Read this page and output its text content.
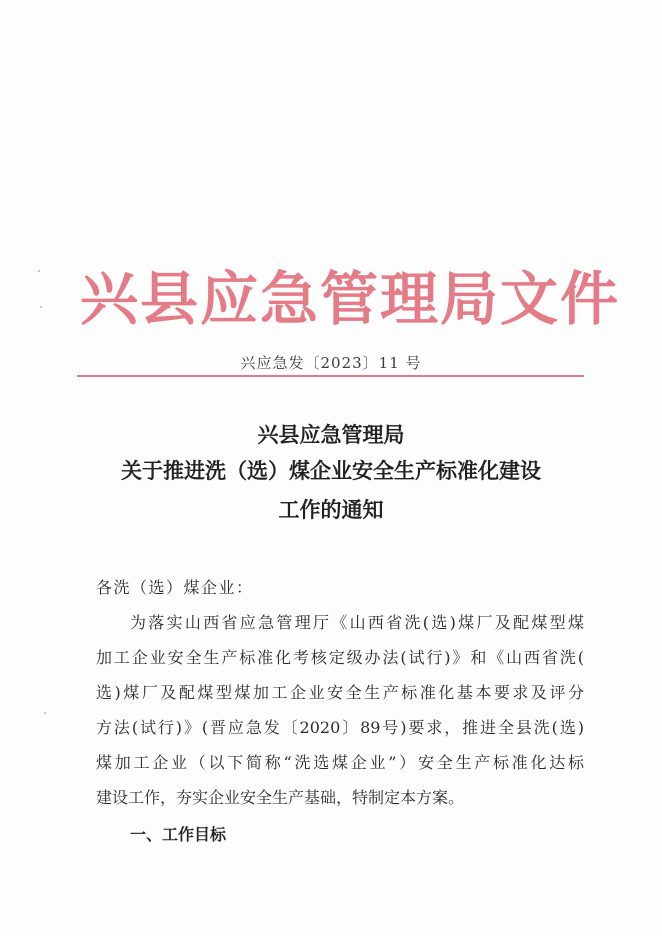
兴县应急管理局文件
兴应急发〔2023〕11 号
兴县应急管理局
关于推进洗（选）煤企业安全生产标准化建设
工作的通知
各洗（选）煤企业：
为落实山西省应急管理厅《山西省洗(选)煤厂及配煤型煤
加工企业安全生产标准化考核定级办法(试行)》和《山西省洗(
选)煤厂及配煤型煤加工企业安全生产标准化基本要求及评分
方法(试行)》(晋应急发〔2020〕89号)要求，推进全县洗(选)
煤加工企业（以下简称“洗选煤企业”）安全生产标准化达标
建设工作，夯实企业安全生产基础，特制定本方案。
一、工作目标
